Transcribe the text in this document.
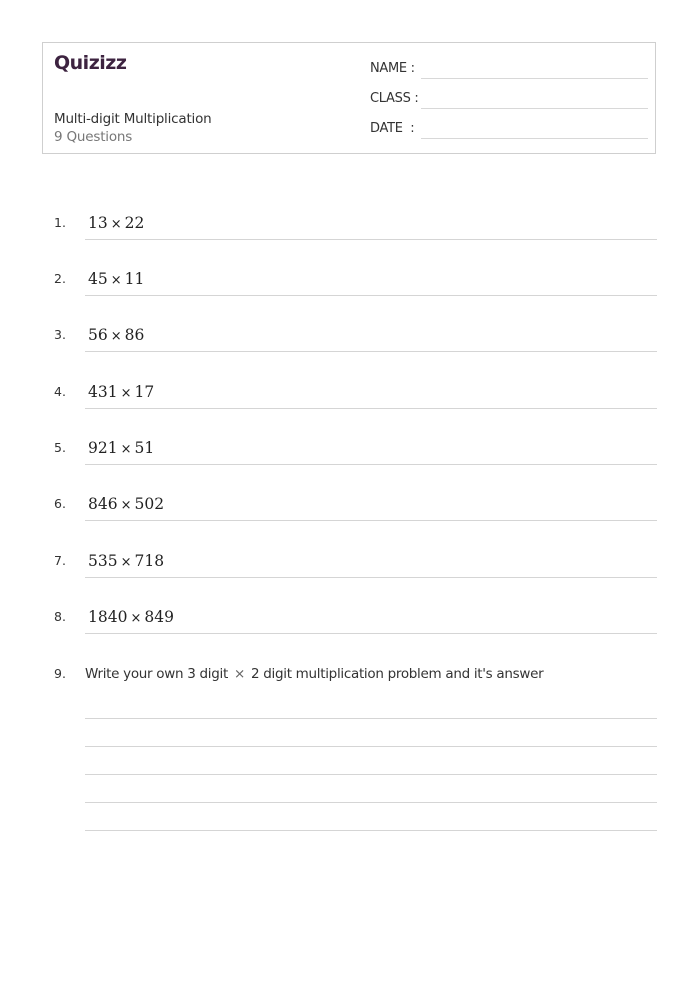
Quizizz
Multi-digit Multiplication
9 Questions
NAME :
CLASS :
DATE  :
1. 13 × 22
2. 45 × 11
3. 56 × 86
4. 431 × 17
5. 921 × 51
6. 846 × 502
7. 535 × 718
8. 1840 × 849
9. Write your own 3 digit × 2 digit multiplication problem and it's answer
